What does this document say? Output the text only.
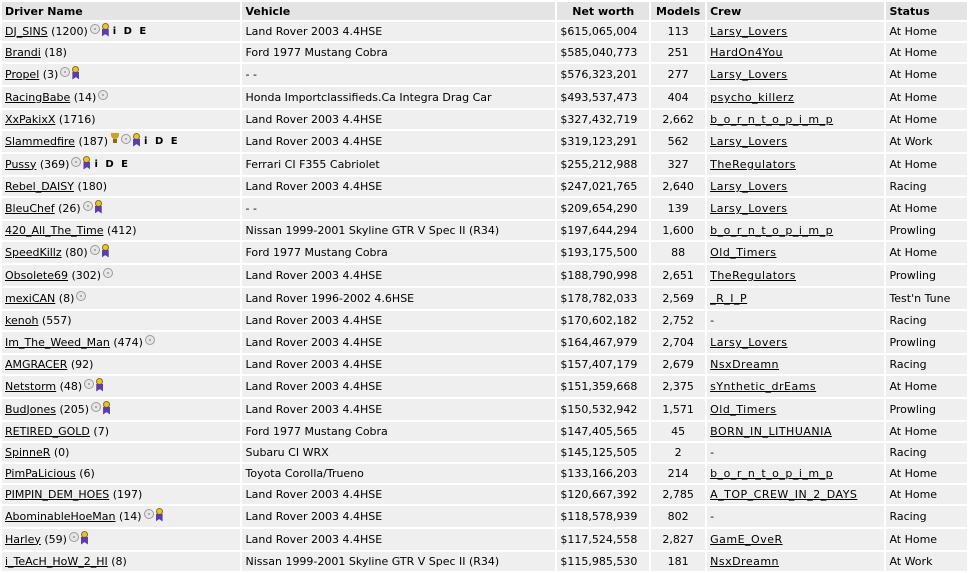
Driver Name	Vehicle	Net worth	Models	Crew	Status
DJ_SINS (1200) i D E	Land Rover 2003 4.4HSE	$615,065,004	113	Larsy_Lovers	At Home
Brandi (18)	Ford 1977 Mustang Cobra	$585,040,773	251	HardOn4You	At Home
Propel (3)	- -	$576,323,201	277	Larsy_Lovers	At Home
RacingBabe (14)	Honda Importclassifieds.Ca Integra Drag Car	$493,537,473	404	psycho_killerz	At Home
XxPakixX (1716)	Land Rover 2003 4.4HSE	$327,432,719	2,662	b_o_r_n_t_o_p_i_m_p	At Home
Slammedfire (187) i D E	Land Rover 2003 4.4HSE	$319,123,291	562	Larsy_Lovers	At Work
Pussy (369) i D E	Ferrari CI F355 Cabriolet	$255,212,988	327	TheRegulators	At Home
Rebel_DAISY (180)	Land Rover 2003 4.4HSE	$247,021,765	2,640	Larsy_Lovers	Racing
BleuChef (26)	- -	$209,654,290	139	Larsy_Lovers	At Home
420_All_The_Time (412)	Nissan 1999-2001 Skyline GTR V Spec II (R34)	$197,644,294	1,600	b_o_r_n_t_o_p_i_m_p	Prowling
SpeedKillz (80)	Ford 1977 Mustang Cobra	$193,175,500	88	Old_Timers	At Home
Obsolete69 (302)	Land Rover 2003 4.4HSE	$188,790,998	2,651	TheRegulators	Prowling
mexiCAN (8)	Land Rover 1996-2002 4.6HSE	$178,782,033	2,569	_R_I_P	Test'n Tune
kenoh (557)	Land Rover 2003 4.4HSE	$170,602,182	2,752	-	Racing
Im_The_Weed_Man (474)	Land Rover 2003 4.4HSE	$164,467,979	2,704	Larsy_Lovers	Prowling
AMGRACER (92)	Land Rover 2003 4.4HSE	$157,407,179	2,679	NsxDreamn	Racing
Netstorm (48)	Land Rover 2003 4.4HSE	$151,359,668	2,375	sYnthetic_drEams	At Home
BudJones (205)	Land Rover 2003 4.4HSE	$150,532,942	1,571	Old_Timers	Prowling
RETIRED_GOLD (7)	Ford 1977 Mustang Cobra	$147,405,565	45	BORN_IN_LITHUANIA	At Home
SpinneR (0)	Subaru CI WRX	$145,125,505	2	-	Racing
PimPaLicious (6)	Toyota Corolla/Trueno	$133,166,203	214	b_o_r_n_t_o_p_i_m_p	At Home
PIMPIN_DEM_HOES (197)	Land Rover 2003 4.4HSE	$120,667,392	2,785	A_TOP_CREW_IN_2_DAYS	At Home
AbominableHoeMan (14)	Land Rover 2003 4.4HSE	$118,578,939	802	-	Racing
Harley (59)	Land Rover 2003 4.4HSE	$117,524,558	2,827	GamE_OveR	At Home
i_TeAcH_HoW_2_HI (8)	Nissan 1999-2001 Skyline GTR V Spec II (R34)	$115,985,530	181	NsxDreamn	At Work
